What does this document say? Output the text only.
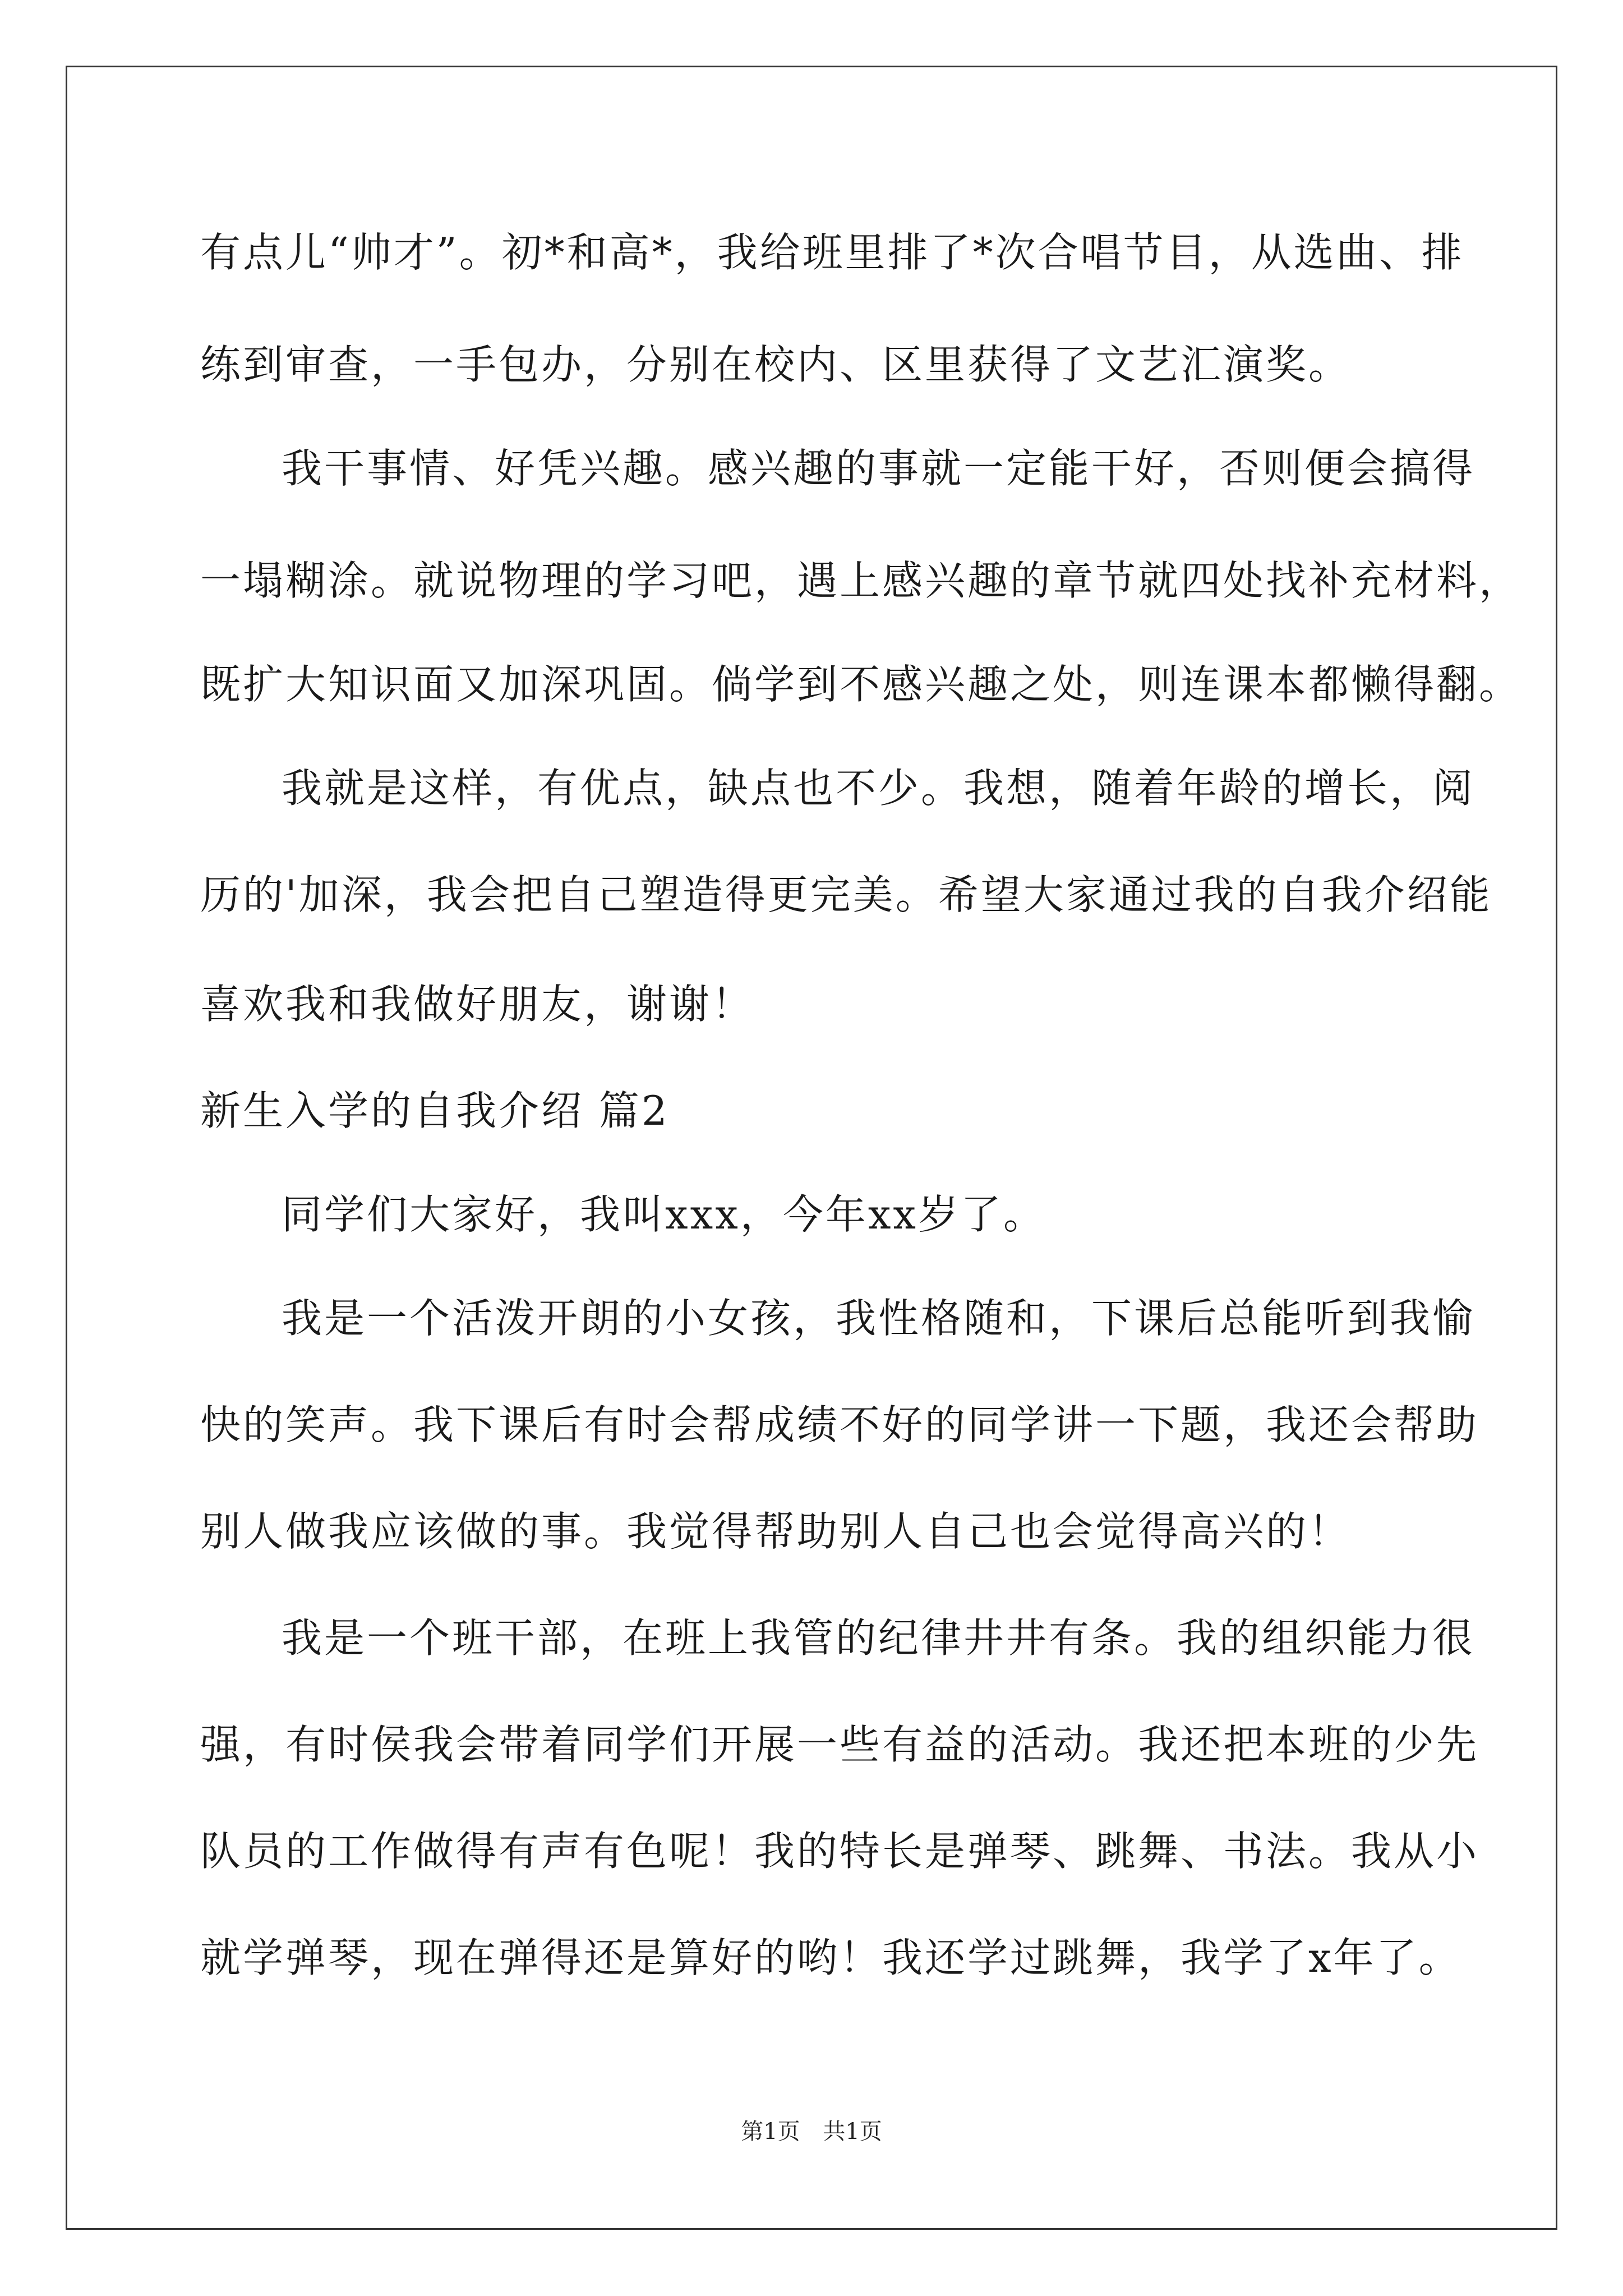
有点儿“帅才”。初*和高*，我给班里排了*次合唱节目，从选曲、排
练到审查，一手包办，分别在校内、区里获得了文艺汇演奖。
我干事情、好凭兴趣。感兴趣的事就一定能干好，否则便会搞得
一塌糊涂。就说物理的学习吧，遇上感兴趣的章节就四处找补充材料，
既扩大知识面又加深巩固。倘学到不感兴趣之处，则连课本都懒得翻。
我就是这样，有优点，缺点也不少。我想，随着年龄的增长，阅
历的'加深，我会把自己塑造得更完美。希望大家通过我的自我介绍能
喜欢我和我做好朋友，谢谢！
新生入学的自我介绍 篇2
同学们大家好，我叫xxx，今年xx岁了。
我是一个活泼开朗的小女孩，我性格随和，下课后总能听到我愉
快的笑声。我下课后有时会帮成绩不好的同学讲一下题，我还会帮助
别人做我应该做的事。我觉得帮助别人自己也会觉得高兴的！
我是一个班干部，在班上我管的纪律井井有条。我的组织能力很
强，有时侯我会带着同学们开展一些有益的活动。我还把本班的少先
队员的工作做得有声有色呢！我的特长是弹琴、跳舞、书法。我从小
就学弹琴，现在弹得还是算好的哟！我还学过跳舞，我学了x年了。
第1页 共1页
